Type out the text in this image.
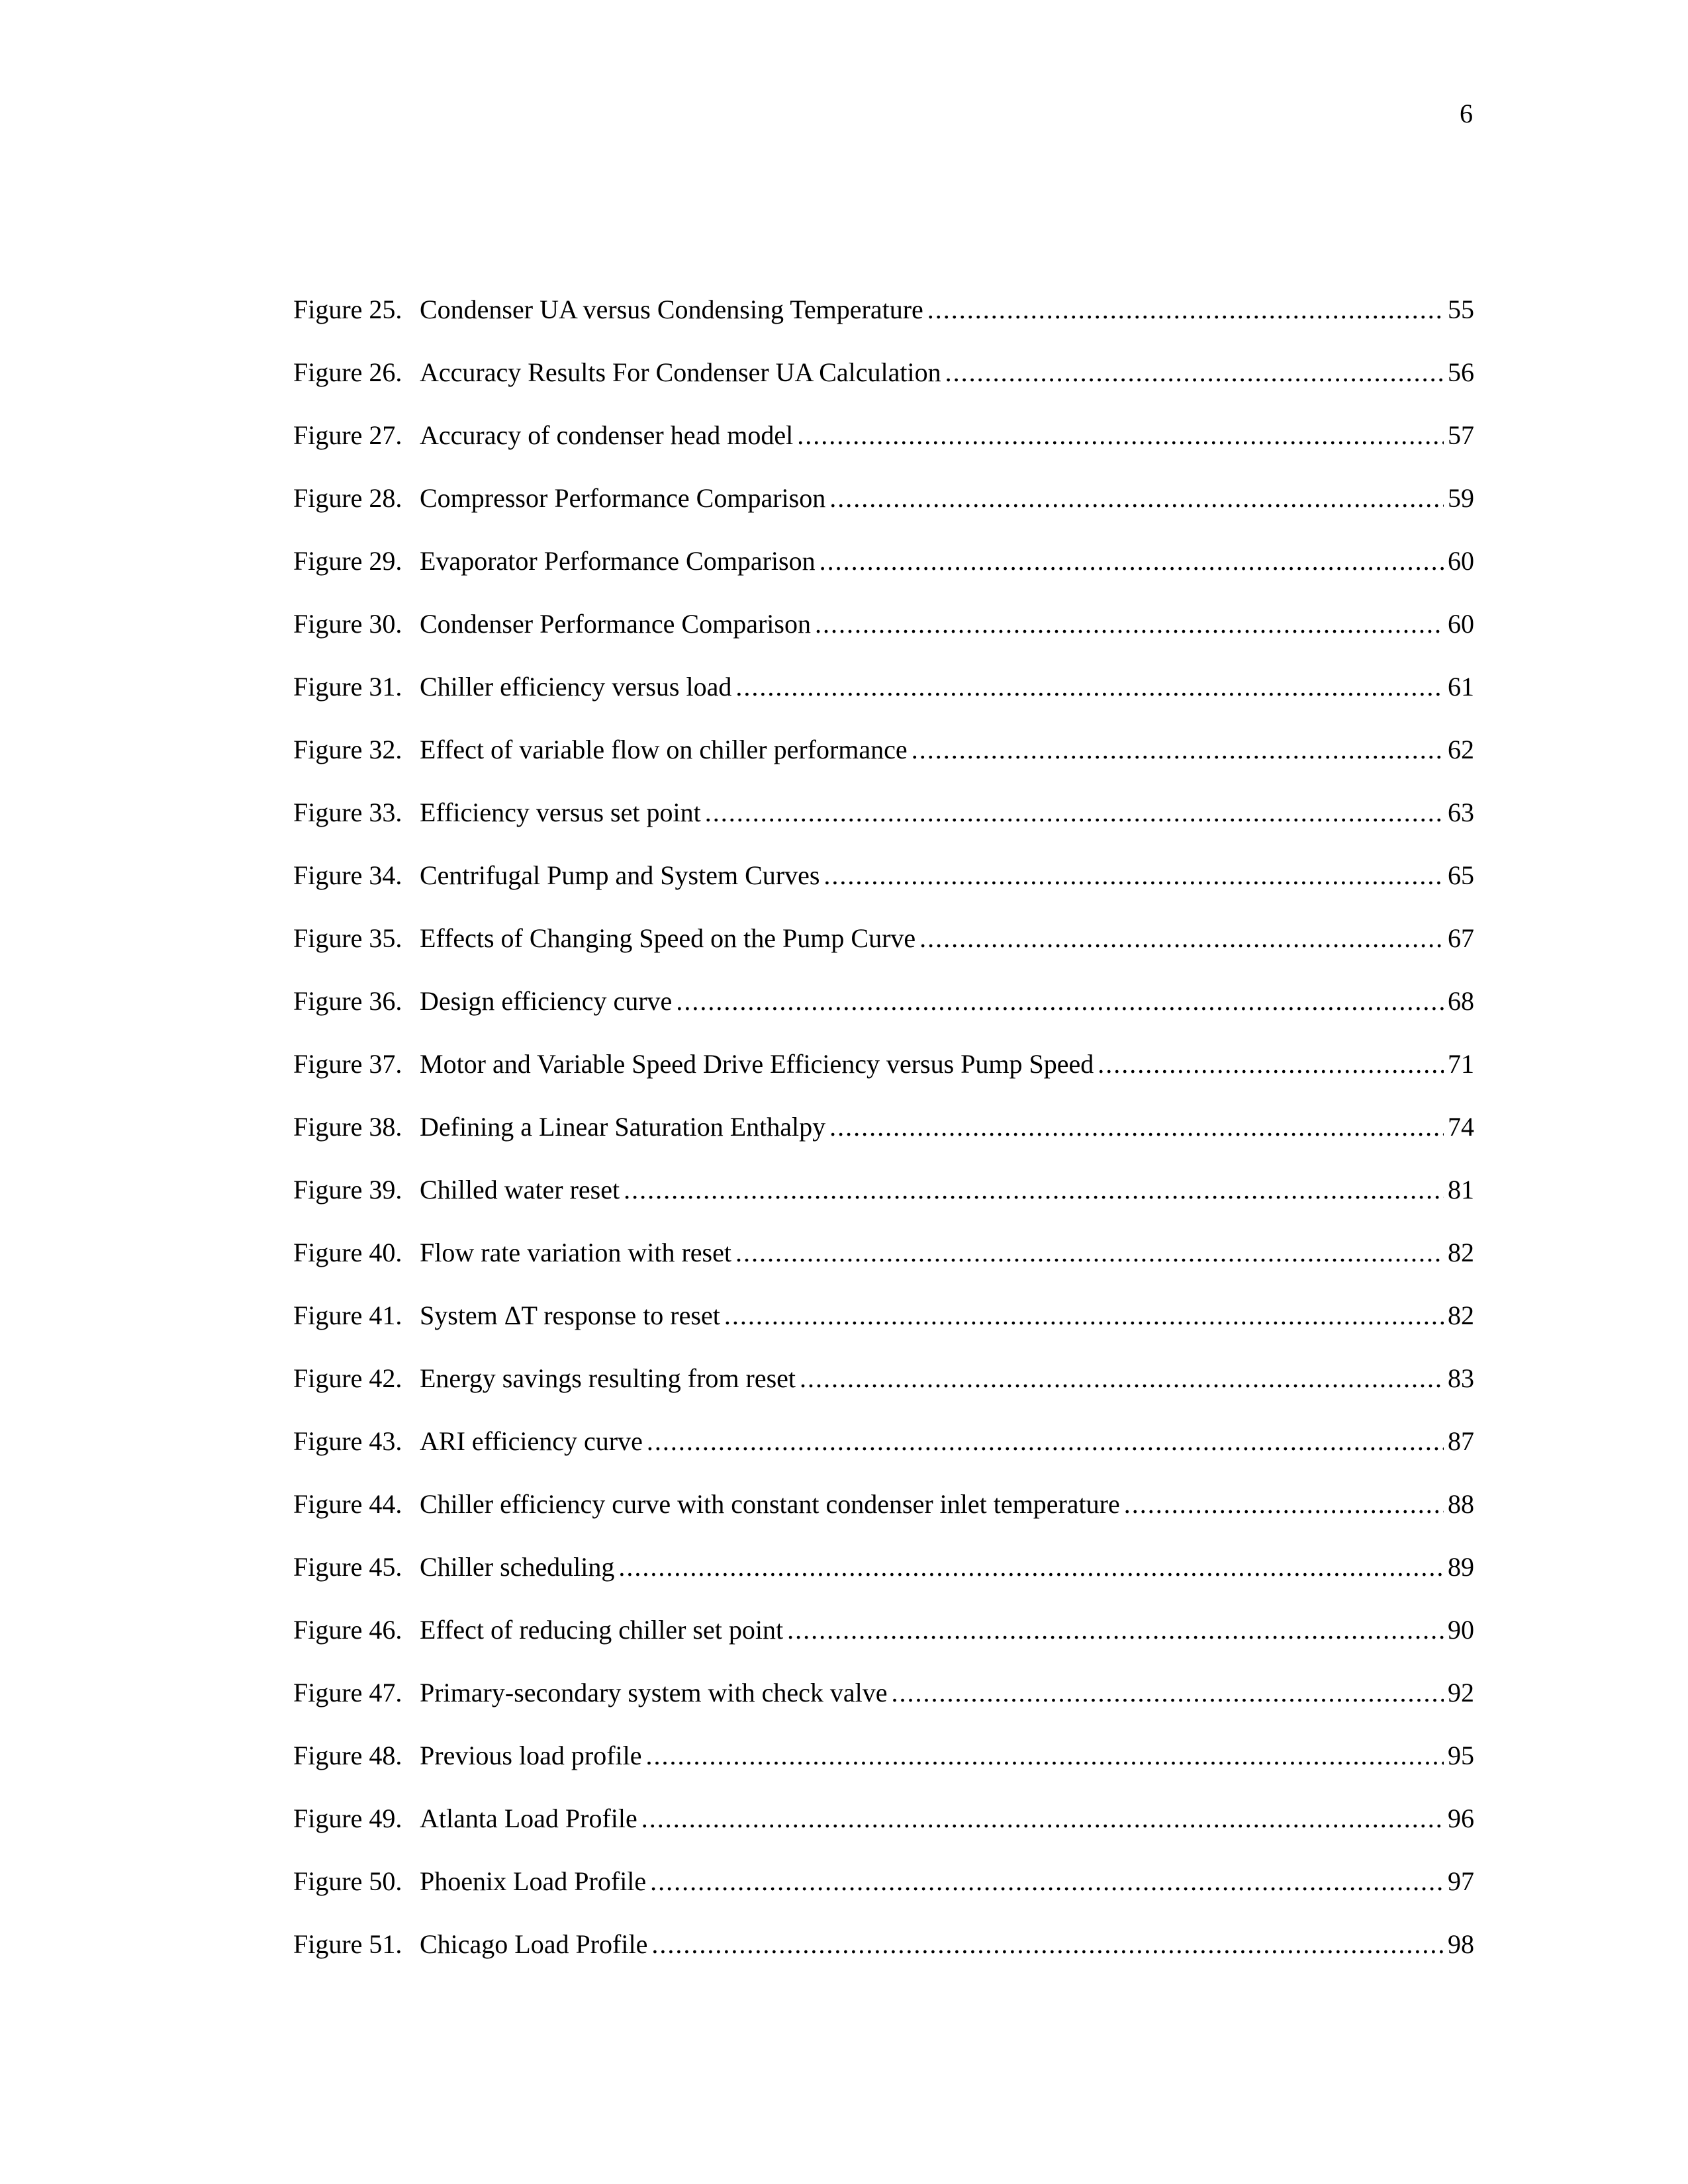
6
Figure 25. Condenser UA versus Condensing Temperature .....	55
Figure 26. Accuracy Results For Condenser UA Calculation .....	56
Figure 27. Accuracy of condenser head model .....	57
Figure 28. Compressor Performance Comparison .....	59
Figure 29. Evaporator Performance Comparison .....	60
Figure 30. Condenser Performance Comparison .....	60
Figure 31. Chiller efficiency versus load .....	61
Figure 32. Effect of variable flow on chiller performance .....	62
Figure 33. Efficiency versus set point .....	63
Figure 34. Centrifugal Pump and System Curves .....	65
Figure 35. Effects of Changing Speed on the Pump Curve .....	67
Figure 36. Design efficiency curve .....	68
Figure 37. Motor and Variable Speed Drive Efficiency versus Pump Speed .....	71
Figure 38. Defining a Linear Saturation Enthalpy .....	74
Figure 39. Chilled water reset .....	81
Figure 40. Flow rate variation with reset .....	82
Figure 41. System ΔT response to reset .....	82
Figure 42. Energy savings resulting from reset .....	83
Figure 43. ARI efficiency curve .....	87
Figure 44. Chiller efficiency curve with constant condenser inlet temperature .....	88
Figure 45. Chiller scheduling .....	89
Figure 46. Effect of reducing chiller set point .....	90
Figure 47. Primary-secondary system with check valve .....	92
Figure 48. Previous load profile .....	95
Figure 49. Atlanta Load Profile .....	96
Figure 50. Phoenix Load Profile .....	97
Figure 51. Chicago Load Profile .....	98
